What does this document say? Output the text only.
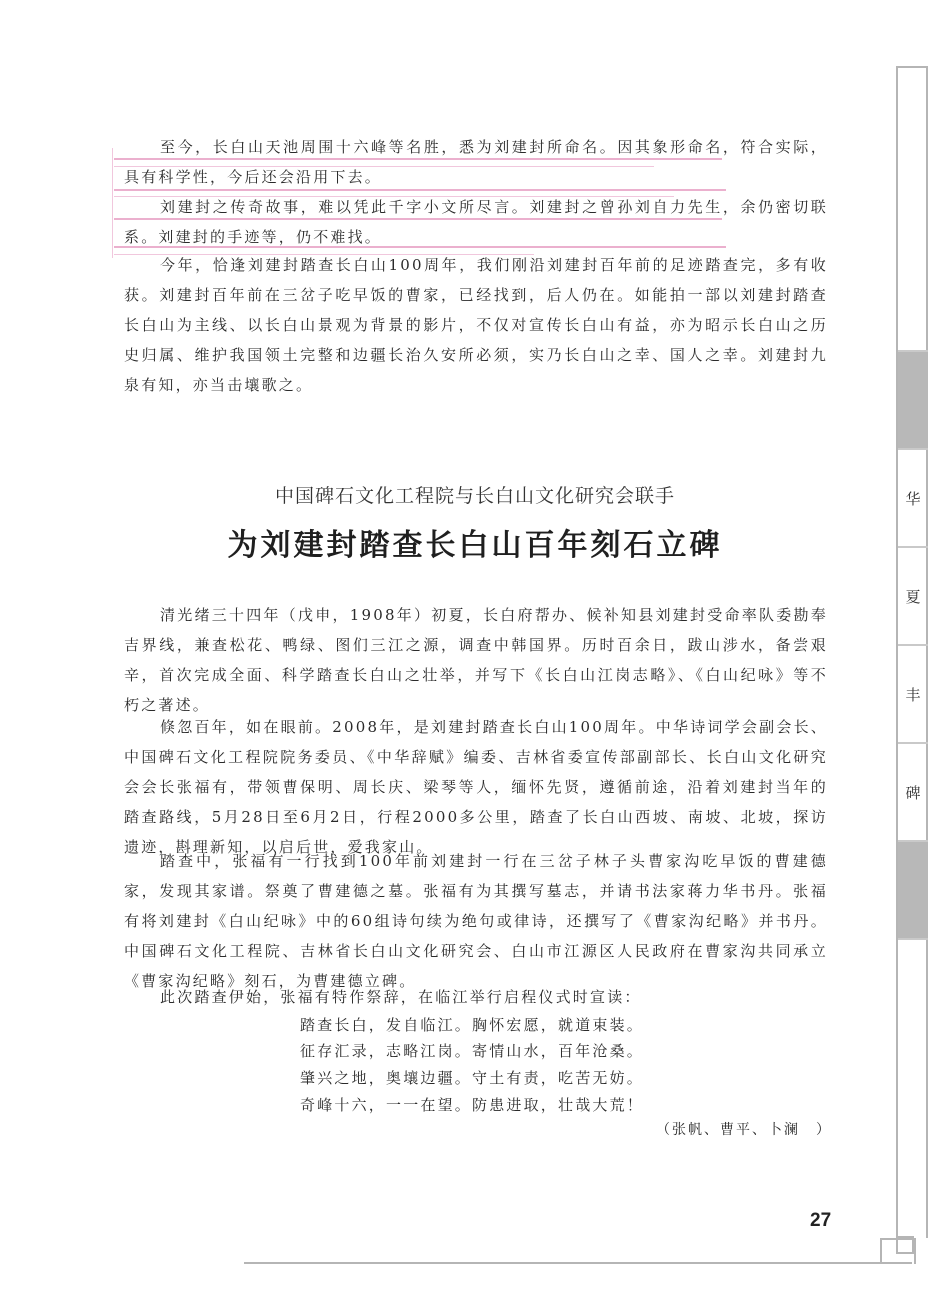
至今，长白山天池周围十六峰等名胜，悉为刘建封所命名。因其象形命名，符合实际，具有科学性，今后还会沿用下去。

刘建封之传奇故事，难以凭此千字小文所尽言。刘建封之曾孙刘自力先生，余仍密切联系。刘建封的手迹等，仍不难找。

今年，恰逢刘建封踏查长白山100周年，我们刚沿刘建封百年前的足迹踏查完，多有收获。刘建封百年前在三岔子吃早饭的曹家，已经找到，后人仍在。如能拍一部以刘建封踏查长白山为主线、以长白山景观为背景的影片，不仅对宣传长白山有益，亦为昭示长白山之历史归属、维护我国领土完整和边疆长治久安所必须，实乃长白山之幸、国人之幸。刘建封九泉有知，亦当击壤歌之。

中国碑石文化工程院与长白山文化研究会联手
为刘建封踏查长白山百年刻石立碑

清光绪三十四年（戊申，1908年）初夏，长白府帮办、候补知县刘建封受命率队委勘奉吉界线，兼查松花、鸭绿、图们三江之源，调查中韩国界。历时百余日，跋山涉水，备尝艰辛，首次完成全面、科学踏查长白山之壮举，并写下《长白山江岗志略》、《白山纪咏》等不朽之著述。

倏忽百年，如在眼前。2008年，是刘建封踏查长白山100周年。中华诗词学会副会长、中国碑石文化工程院院务委员、《中华辞赋》编委、吉林省委宣传部副部长、长白山文化研究会会长张福有，带领曹保明、周长庆、梁琴等人，缅怀先贤，遵循前途，沿着刘建封当年的踏查路线，5月28日至6月2日，行程2000多公里，踏查了长白山西坡、南坡、北坡，探访遗迹，斟理新知，以启后世，爱我家山。

踏查中，张福有一行找到100年前刘建封一行在三岔子林子头曹家沟吃早饭的曹建德家，发现其家谱。祭奠了曹建德之墓。张福有为其撰写墓志，并请书法家蒋力华书丹。张福有将刘建封《白山纪咏》中的60组诗句续为绝句或律诗，还撰写了《曹家沟纪略》并书丹。中国碑石文化工程院、吉林省长白山文化研究会、白山市江源区人民政府在曹家沟共同承立《曹家沟纪略》刻石，为曹建德立碑。

此次踏查伊始，张福有特作祭辞，在临江举行启程仪式时宣读：

踏查长白，发自临江。胸怀宏愿，就道束装。
征存汇录，志略江岗。寄情山水，百年沧桑。
肇兴之地，奥壤边疆。守土有责，吃苦无妨。
奇峰十六，一一在望。防患进取，壮哉大荒！
（张帆、曹平、卜澜　）
27
华
夏
丰
碑
